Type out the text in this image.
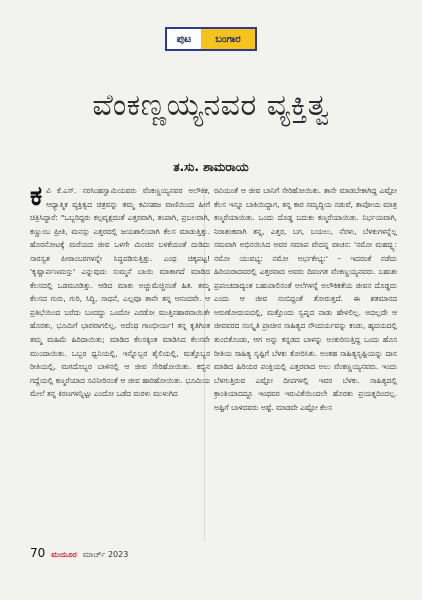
ಪುಟ	ಬಂಗಾರ
ವೆಂಕಣ್ಣಯ್ಯನವರ ವ್ಯಕ್ತಿತ್ವ
ತ.ಸು. ಶಾಮರಾಯ

ಕವಿ ಕೆ.ಎಸ್. ನರಸಿಂಹಸ್ವಾಮಿಯವರು ವೆಂಕಣ್ಣಯ್ಯನವರ ಅಲೌಕಿಕ, ಆಧ್ಯಾತ್ಮಿಕ ವ್ಯಕ್ತಿತ್ವದ ಚಿತ್ರವನ್ನು ತಮ್ಮ ಕವಿಸಹಜ ವಾಣಿಯಿಂದ ಹೀಗೆ ಚಿತ್ರಿಸಿದ್ದಾರೆ: "ಒಬ್ಬರಿದ್ದರು ಕಲ್ಪವೃಕ್ಷದಂತೆ ಎತ್ತರವಾಗಿ, ತಂಪಾಗಿ, ಪ್ರಬಲವಾಗಿ, ಕಣ್ಣುಂಬ ಪ್ರೀತಿ, ಮನಸ್ಸು ಎತ್ತರದಲ್ಲಿ ಜಯಶಾಲಿಯಾಗಿ ಕೆಲಸ ಮಾಡುತ್ತಿತ್ತು. ಹೊರನೋಟಕ್ಕೆ ಮರೆಯದ ಜೀವ ಒಳಗೇ ಮಿಂಚಿನ ಬಳಕೆಯಂತೆ ದುಡಿದು ಸಾರಸ್ವತ ಪೀಠಾಂಬರಗಳನ್ನೇ ಸಿದ್ಧಪಡಿಸುತ್ತಿತ್ತು. ಎಂಥ ಚಿಕ್ಕಪಟ್ಟ! 'ಕೃಷ್ಣಾರ್ಪಣಮಸ್ತು' ಎನ್ನುವುದು ಸುಮ್ಮನೆ ಬಾಯಿ ಮಾತಾಗದೆ ಮಾಡಿದ ಕೆಲಸದಲ್ಲಿ ಒಡಮೂಡಿತ್ತು. ಆಡಿದ ಮಾತು ಅಚ್ಚುಮೆಚ್ಚಿನಂತೆ ಹಿತ. ತಮ್ಮ ಕೆಲಸದ ಗುರು, ಗುರಿ, ಸಿದ್ಧಿ, ಸಾಧನೆ, ಎಲ್ಲವೂ ತಾನೇ ತನ್ನ ಆನಂದವೇ. ಆ ಪ್ರತಿಭೆಯಿಂದ ಬರೆದು ಬಂದದ್ದು ಒಂದೋ ಎರಡೋ ಮುತ್ತಿನಹಾರವಾಯಿತೇ ಹೊರತು, ಭೂಮಿಗೆ ಭಾರವಾಗಲಿಲ್ಲ. ಅದೆಂಥ ಗಾಂಭೀರ್ಯ! ತನ್ನ ಕೃತಿಗಿಂತ ತಮ್ಮ ಮಹಿಮೆ ಹಿರಿದಾಯಿತು; ಮಾಡಿದ ಕೆಲಸಕ್ಕಿಂತ ಮಾಡಿಸಿದ ಕೆಲಸವೇ ಮುಂದಾಯಿತು. ಒಬ್ಬರ ಧ್ವನಿಯಲ್ಲಿ, ಇನ್ನೊಬ್ಬರ ಶೈಲಿಯಲ್ಲಿ, ಮತ್ತೊಬ್ಬರ ರೀತಿಯಲ್ಲಿ, ಮಗದೊಬ್ಬರ ಬಾಳಿನಲ್ಲಿ ಆ ಜೀವ ಸೇರಿಹೋಯಿತು. ಕಬ್ಬಿನ ಗದ್ದೆಯಲ್ಲಿ ಕಣ್ಮರೆಯಾದ ಸವಿನೀರಿನಂತೆ ಆ ಜೀವ ಹಾರಿಹೋಯಿತು. ಭೂಮಿಯ ಮೇಲೆ ತನ್ನ ಕಿರಣಗಳನ್ನಿಟ್ಟು ಎಂದೋ ಒಡೆದ ಮರಳು ಮುಳುಗಿದ

ರವಿಯಂತೆ ಆ ಜೀವ ಬಾನಿಗೆ ಸೇರಿಹೋಯಿತು. ತಾನೇ ಮಾಡಬೇಕಾಗಿದ್ದ ಎಷ್ಟೋ ಕೆಲಸ ಇನ್ನೂ ಬಾಕಿಯಿದ್ದಾಗ, ತನ್ನ ಕಾರ ಸಮೃದ್ಧಿಯ ನಡುವೆ, ತಾಪೋಯ ಮಾತ್ರ ಕಣ್ಮರೆಯಾಯಿತು. ಒಂದು ದೊಡ್ಡ ಬದುಕು ಕಣ್ಮರೆಯಾಯಿತು. ನಿರ್ಭಯವಾಗಿ, ನಿರಾತಂಕವಾಗಿ ತನ್ನ, ಎತ್ತರ, ಬಗ, ಬಯಲು, ನೆರಳು, ಬೆಳಕುಗಳನ್ನೆಲ್ಲ ಸಮವಾಗಿ ಅಭಿನಯಿಸಿದ ಅವರ ಸಮಾಪ ವೇದನ್ನ ವಾಚನ: 'ನಮೋ ಮಹದ್ಭ್ಯ: ನಮೋ ಯುವಭ್ಯ: ನಮೋ ಅರ್ಭಕೇಭ್ಯ:' – ಇದರಂತೆ ನಡೆದು ಹಿರಿಯರಾದವರಲ್ಲಿ ಎತ್ತರವಾದ ಅವರು ದಿವಂಗತ ವೆಂಕಣ್ಣಯ್ಯನವರು. ಬಹುಶಃ ಪ್ರಪಂಚದಾದ್ಯಂತ ಬಹುಪಾಲಿನಂತೆ ಅಲೆಗಳನ್ನೆ ಅಲೌಕಿಕತೆಯ ಜೀವನ ದೊಡ್ಡದು ಎಂದು ಆ ಜೀವ ನಂಬಿದ್ದಂತೆ ತೋರುತ್ತದೆ. ಈ ಶತಮಾನದ ಅರುಣೋದಯದಲ್ಲಿ, ಮತ್ತೊಂದು ಸ್ವಪ್ನದ ನಾಡು ಹೇಳಲಿಲ್ಲ. ಅದಲ್ಲದೇ ಆ ಜೀವವರದ ಸಂಸ್ಕೃತಿ ಪ್ರಾಚೀನ ಸಾಹಿತ್ಯದ ಸೌಂದರ್ಯವನ್ನು ಕಂಡು, ಹೃದಯದಲ್ಲಿ ತುಂಬಿಕೊಂಡು, ಆಗ ಅನ್ನು ಕನ್ನಡದ ಬಾಳನ್ನು ಅಂಕುರಿಸುತ್ತಿದ್ದ ಒಂದು ಹೊಸ ರೀತಿಯ ಸಾಹಿತ್ಯ ಸೃಷ್ಟಿಗೆ ಬೆಳಕು ತೋರಿಸಿತು. ಅಂತಹ ಸಾಹಿತ್ಯಸೃಷ್ಟಿಯನ್ನು ದಾನ ಮಾಡಿದ ಹಿರಿಯರ ಪಂಕ್ತಿಯಲ್ಲಿ ಎತ್ತರವಾದ ಅಲು ವೆಂಕಣ್ಣಯ್ಯನವರು. ಇಂದು ಬೆಳಗುತ್ತಿರುವ ಎಷ್ಟೋ ದೀಪಗಳಲ್ಲಿ ಇವರ ಬೆಳಕು. ಸಾಹಿತ್ಯದಲ್ಲಿ ಕ್ರಾಂತಿಯಾದದ್ದೂ ಇಂಥವರ ಇರುವಿಕೆಯಿಂದಲೇ ಹೊರತು ಪ್ರಯತ್ನದಿಂದಲ್ಲ. ಅಷ್ಟಿಗೆ ಬಾಳಿದವರು ಅಷ್ಟೆ. ಮಾಡದೇ ಎಷ್ಟೋ ಕೆಲಸ

70 ಮಯೂರ ಮಾರ್ಚ್ 2023
